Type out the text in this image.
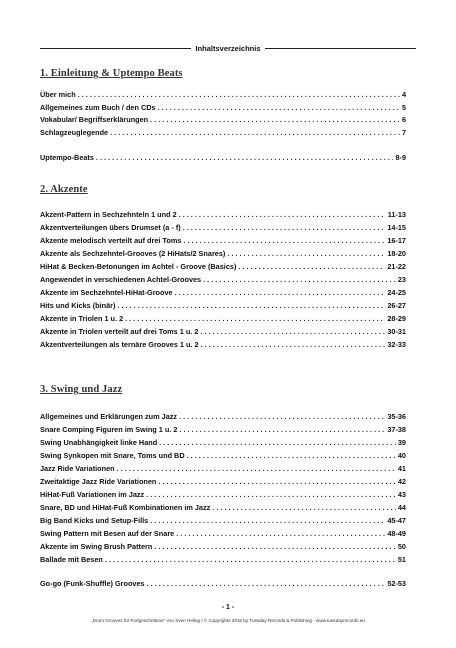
Inhaltsverzeichnis
1. Einleitung & Uptempo Beats
Über mich . . .	4
Allgemeines zum Buch / den CDs . . .	5
Vokabular/ Begriffserklärungen . . .	6
Schlagzeuglegende . . .	7
Uptempo-Beats . . .	8-9
2. Akzente
Akzent-Pattern in Sechzehnteln 1 und 2 . . .	11-13
Akzentverteilungen übers Drumset (a - f) . . .	14-15
Akzente melodisch verteilt auf drei Toms . . .	16-17
Akzente als Sechzehntel-Grooves (2 HiHats/2 Snares) . . .	18-20
HiHat & Becken-Betonungen im Achtel - Groove (Basics) . . .	21-22
Angewendet in verschiedenen Achtel-Grooves . . .	23
Akzente im Sechzehntel-HiHat-Groove . . .	24-25
Hits und Kicks (binär) . . .	26-27
Akzente in Triolen 1 u. 2 . . .	28-29
Akzente in Triolen verteilt auf drei Toms 1 u. 2 . . .	30-31
Akzentverteilungen als ternäre Grooves 1 u. 2 . . .	32-33
3. Swing und Jazz
Allgemeines und Erklärungen zum Jazz . . .	35-36
Snare Comping Figuren im Swing 1 u. 2 . . .	37-38
Swing Unabhängigkeit linke Hand . . .	39
Swing Synkopen mit Snare, Toms und BD . . .	40
Jazz Ride Variationen . . .	41
Zweitaktige Jazz Ride Variationen . . .	42
HiHat-Fuß Variationen im Jazz . . .	43
Snare, BD und HiHat-Fuß Kombinationen im Jazz . . .	44
Big Band Kicks und Setup-Fills . . .	45-47
Swing Pattern mit Besen auf der Snare . . .	48-49
Akzente im Swing Brush Pattern . . .	50
Ballade mit Besen . . .	51
Go-go (Funk-Shuffle) Grooves . . .	52-53
- 1 -
„Drum Grooves für Fortgeschrittene" von Sven Hellog / © Copyrights 2015 by Tuesday Records & Publishing - www.tuesdayrecords.eu
